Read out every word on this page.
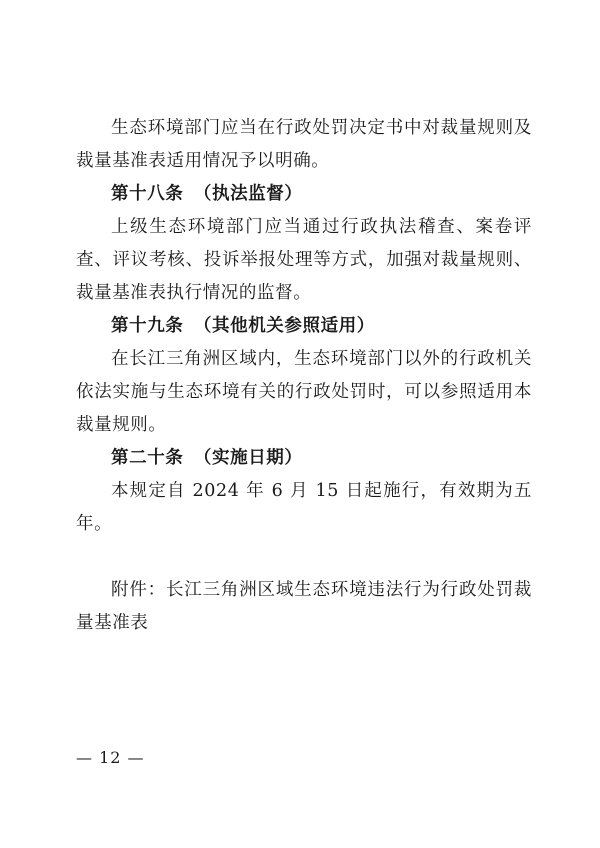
生态环境部门应当在行政处罚决定书中对裁量规则及裁量基准表适用情况予以明确。

第十八条 （执法监督）

上级生态环境部门应当通过行政执法稽查、案卷评查、评议考核、投诉举报处理等方式，加强对裁量规则、裁量基准表执行情况的监督。

第十九条 （其他机关参照适用）

在长江三角洲区域内，生态环境部门以外的行政机关依法实施与生态环境有关的行政处罚时，可以参照适用本裁量规则。

第二十条 （实施日期）

本规定自 2024 年 6 月 15 日起施行，有效期为五年。

附件：长江三角洲区域生态环境违法行为行政处罚裁量基准表

— 12 —
